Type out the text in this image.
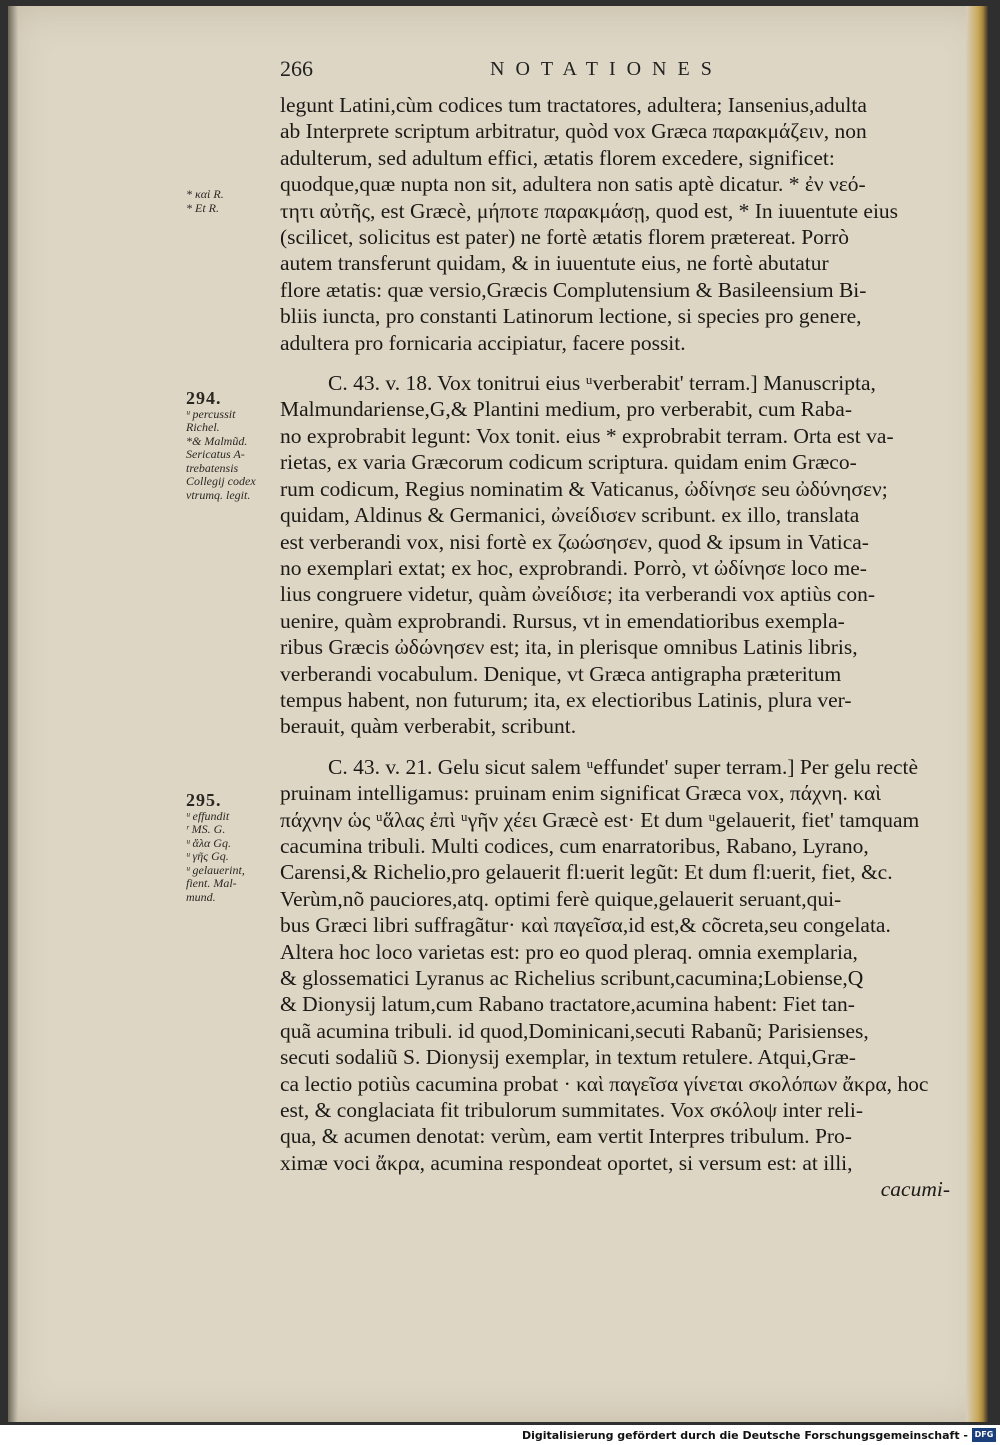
266	NOTATIONES
* καὶ R.
* Et R.
294.
ᵘ percussit
Richel.
*& Malmũd.
Sericatus A-
trebatensis
Collegij codex
vtrumq. legit.
295.
ᵘ effundit
ʳ MS. G.
ᵘ ἅλα Gq.
ᵘ γῆς Gq.
ᵘ gelauerint,
fient. Mal-
mund.

legunt Latini,cùm codices tum tractatores, adultera; Iansenius,adulta

ab Interprete scriptum arbitratur, quòd vox Græca παρακμάζειν, non

adulterum, sed adultum effici, ætatis florem excedere, significet:

quodque,quæ nupta non sit, adultera non satis aptè dicatur. * ἐν νεό-

τητι αὐτῆς, est Græcè, μήποτε παρακμάσῃ, quod est, * In iuuentute eius

(scilicet, solicitus est pater) ne fortè ætatis florem prætereat. Porrò

autem transferunt quidam, & in iuuentute eius, ne fortè abutatur

flore ætatis: quæ versio,Græcis Complutensium & Basileensium Bi-

bliis iuncta, pro constanti Latinorum lectione, si species pro genere,

adultera pro fornicaria accipiatur, facere possit.

C. 43. v. 18. Vox tonitrui eius ᵘverberabit' terram.] Manuscripta,

Malmundariense,G,& Plantini medium, pro verberabit, cum Raba-

no exprobrabit legunt: Vox tonit. eius * exprobrabit terram. Orta est va-

rietas, ex varia Græcorum codicum scriptura. quidam enim Græco-

rum codicum, Regius nominatim & Vaticanus, ὠδίνησε seu ὠδύνησεν;

quidam, Aldinus & Germanici, ὠνείδισεν scribunt. ex illo, translata

est verberandi vox, nisi fortè ex ζωώσησεν, quod & ipsum in Vatica-

no exemplari extat; ex hoc, exprobrandi. Porrò, vt ὠδίνησε loco me-

lius congruere videtur, quàm ὠνείδισε; ita verberandi vox aptiùs con-

uenire, quàm exprobrandi. Rursus, vt in emendatioribus exempla-

ribus Græcis ὠδώνησεν est; ita, in plerisque omnibus Latinis libris,

verberandi vocabulum. Denique, vt Græca antigrapha præteritum

tempus habent, non futurum; ita, ex electioribus Latinis, plura ver-

berauit, quàm verberabit, scribunt.

C. 43. v. 21. Gelu sicut salem ᵘeffundet' super terram.] Per gelu rectè

pruinam intelligamus: pruinam enim significat Græca vox, πάχνη. καὶ

πάχνην ὡς ᵘἅλας ἐπὶ ᵘγῆν χέει Græcè est· Et dum ᵘgelauerit, fiet' tamquam

cacumina tribuli. Multi codices, cum enarratoribus, Rabano, Lyrano,

Carensi,& Richelio,pro gelauerit fl:uerit legũt: Et dum fl:uerit, fiet, &c.

Verùm,nõ pauciores,atq. optimi ferè quique,gelauerit seruant,qui-

bus Græci libri suffragãtur· καὶ παγεῖσα,id est,& cõcreta,seu congelata.

Altera hoc loco varietas est: pro eo quod pleraq. omnia exemplaria,

& glossematici Lyranus ac Richelius scribunt,cacumina;Lobiense,Q

& Dionysij latum,cum Rabano tractatore,acumina habent: Fiet tan-

quã acumina tribuli. id quod,Dominicani,secuti Rabanũ; Parisienses,

secuti sodaliũ S. Dionysij exemplar, in textum retulere. Atqui,Græ-

ca lectio potiùs cacumina probat · καὶ παγεῖσα γίνεται σκολόπων ἄκρα, hoc

est, & conglaciata fit tribulorum summitates. Vox σκόλοψ inter reli-

qua, & acumen denotat: verùm, eam vertit Interpres tribulum. Pro-

ximæ voci ἄκρα, acumina respondeat oportet, si versum est: at illi,

cacumi-

Digitalisierung gefördert durch die Deutsche Forschungsgemeinschaft - DFG
